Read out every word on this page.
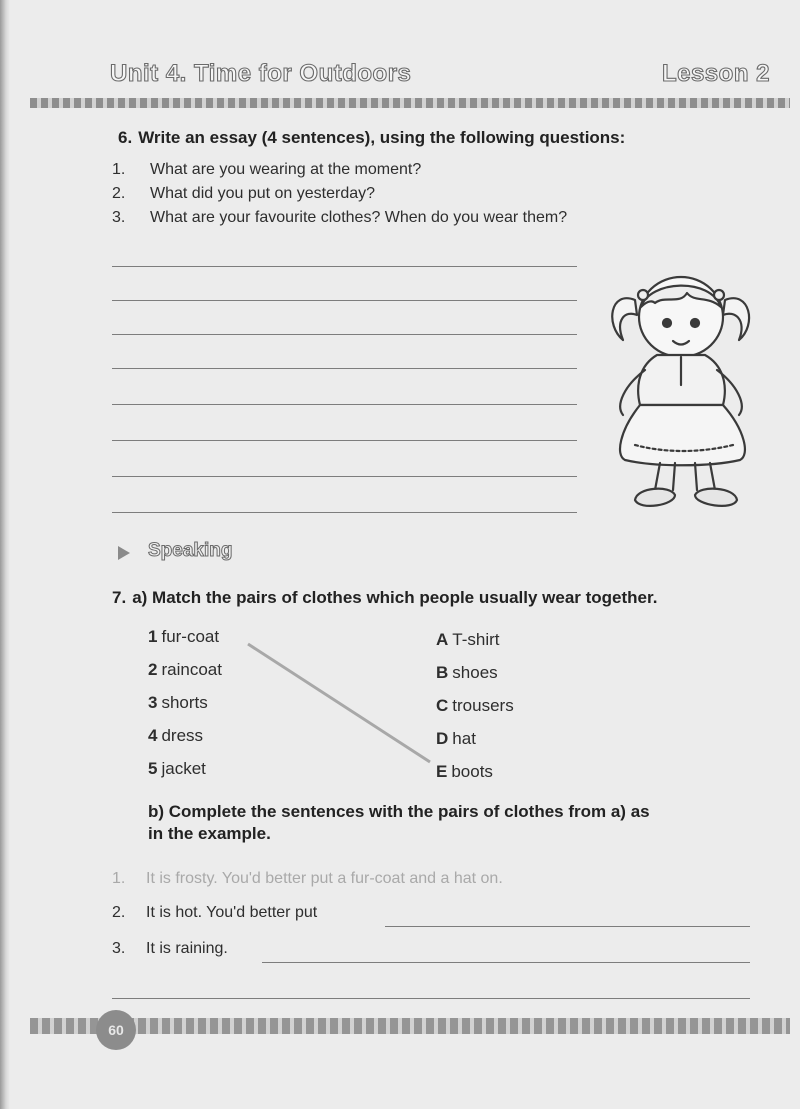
Unit 4. Time for Outdoors	Lesson 2
6. Write an essay (4 sentences), using the following questions:
1. What are you wearing at the moment?
2. What did you put on yesterday?
3. What are your favourite clothes? When do you wear them?
Speaking
7. a) Match the pairs of clothes which people usually wear together.
1 fur-coat
2 raincoat
3 shorts
4 dress
5 jacket
A T-shirt
B shoes
C trousers
D hat
E boots
b) Complete the sentences with the pairs of clothes from a) as
in the example.
1. It is frosty. You'd better put a fur-coat and a hat on.
2. It is hot. You'd better put
3. It is raining.
60
